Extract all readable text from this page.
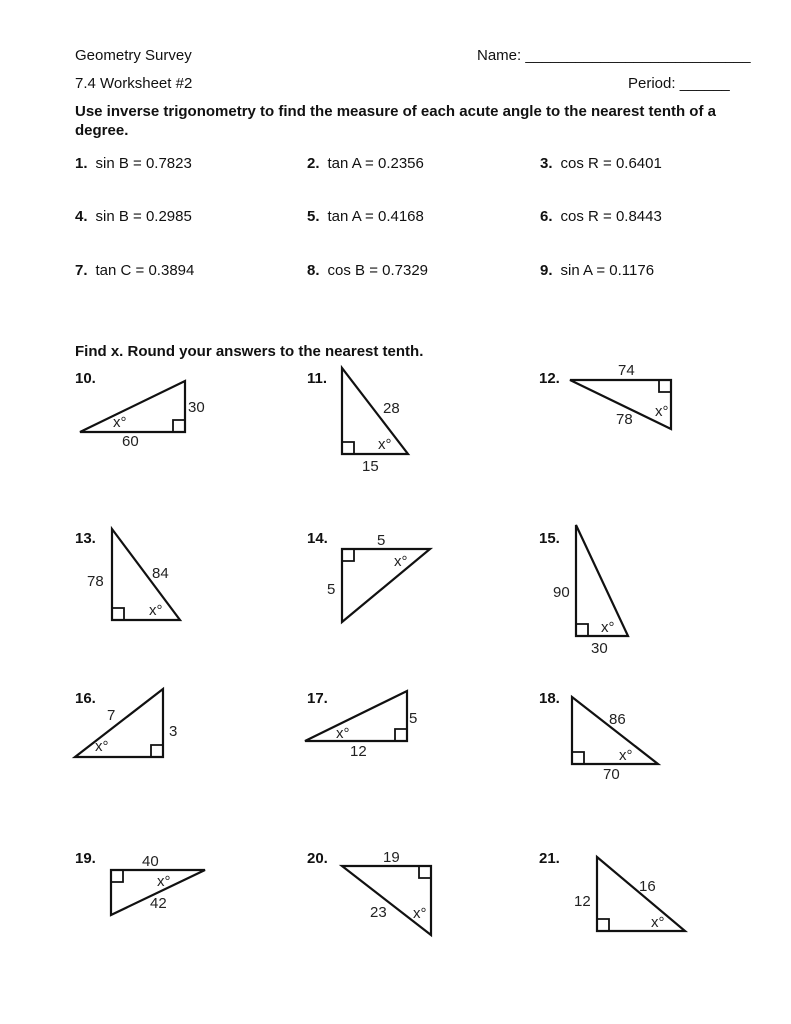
Geometry Survey	Name: ___________________________
7.4 Worksheet #2	Period: ______
Use inverse trigonometry to find the measure of each acute angle to the nearest tenth of a degree.
1. sin B = 0.7823	2. tan A = 0.2356	3. cos R = 0.6401
4. sin B = 0.2985	5. tan A = 0.4168	6. cos R = 0.8443
7. tan C = 0.3894	8. cos B = 0.7329	9. sin A = 0.1176
Find x. Round your answers to the nearest tenth.
10.	11.	12.
13.	14.	15.
16.	17.	18.
19.	20.	21.
30
60
x°
28
15
x°
74
78 x°
78	84
x°
5
5
x°
90
30
x°
7
3
x°
5
12
x°
86
70
x°
40
42
x°
19
23 x°
12
16
x°
